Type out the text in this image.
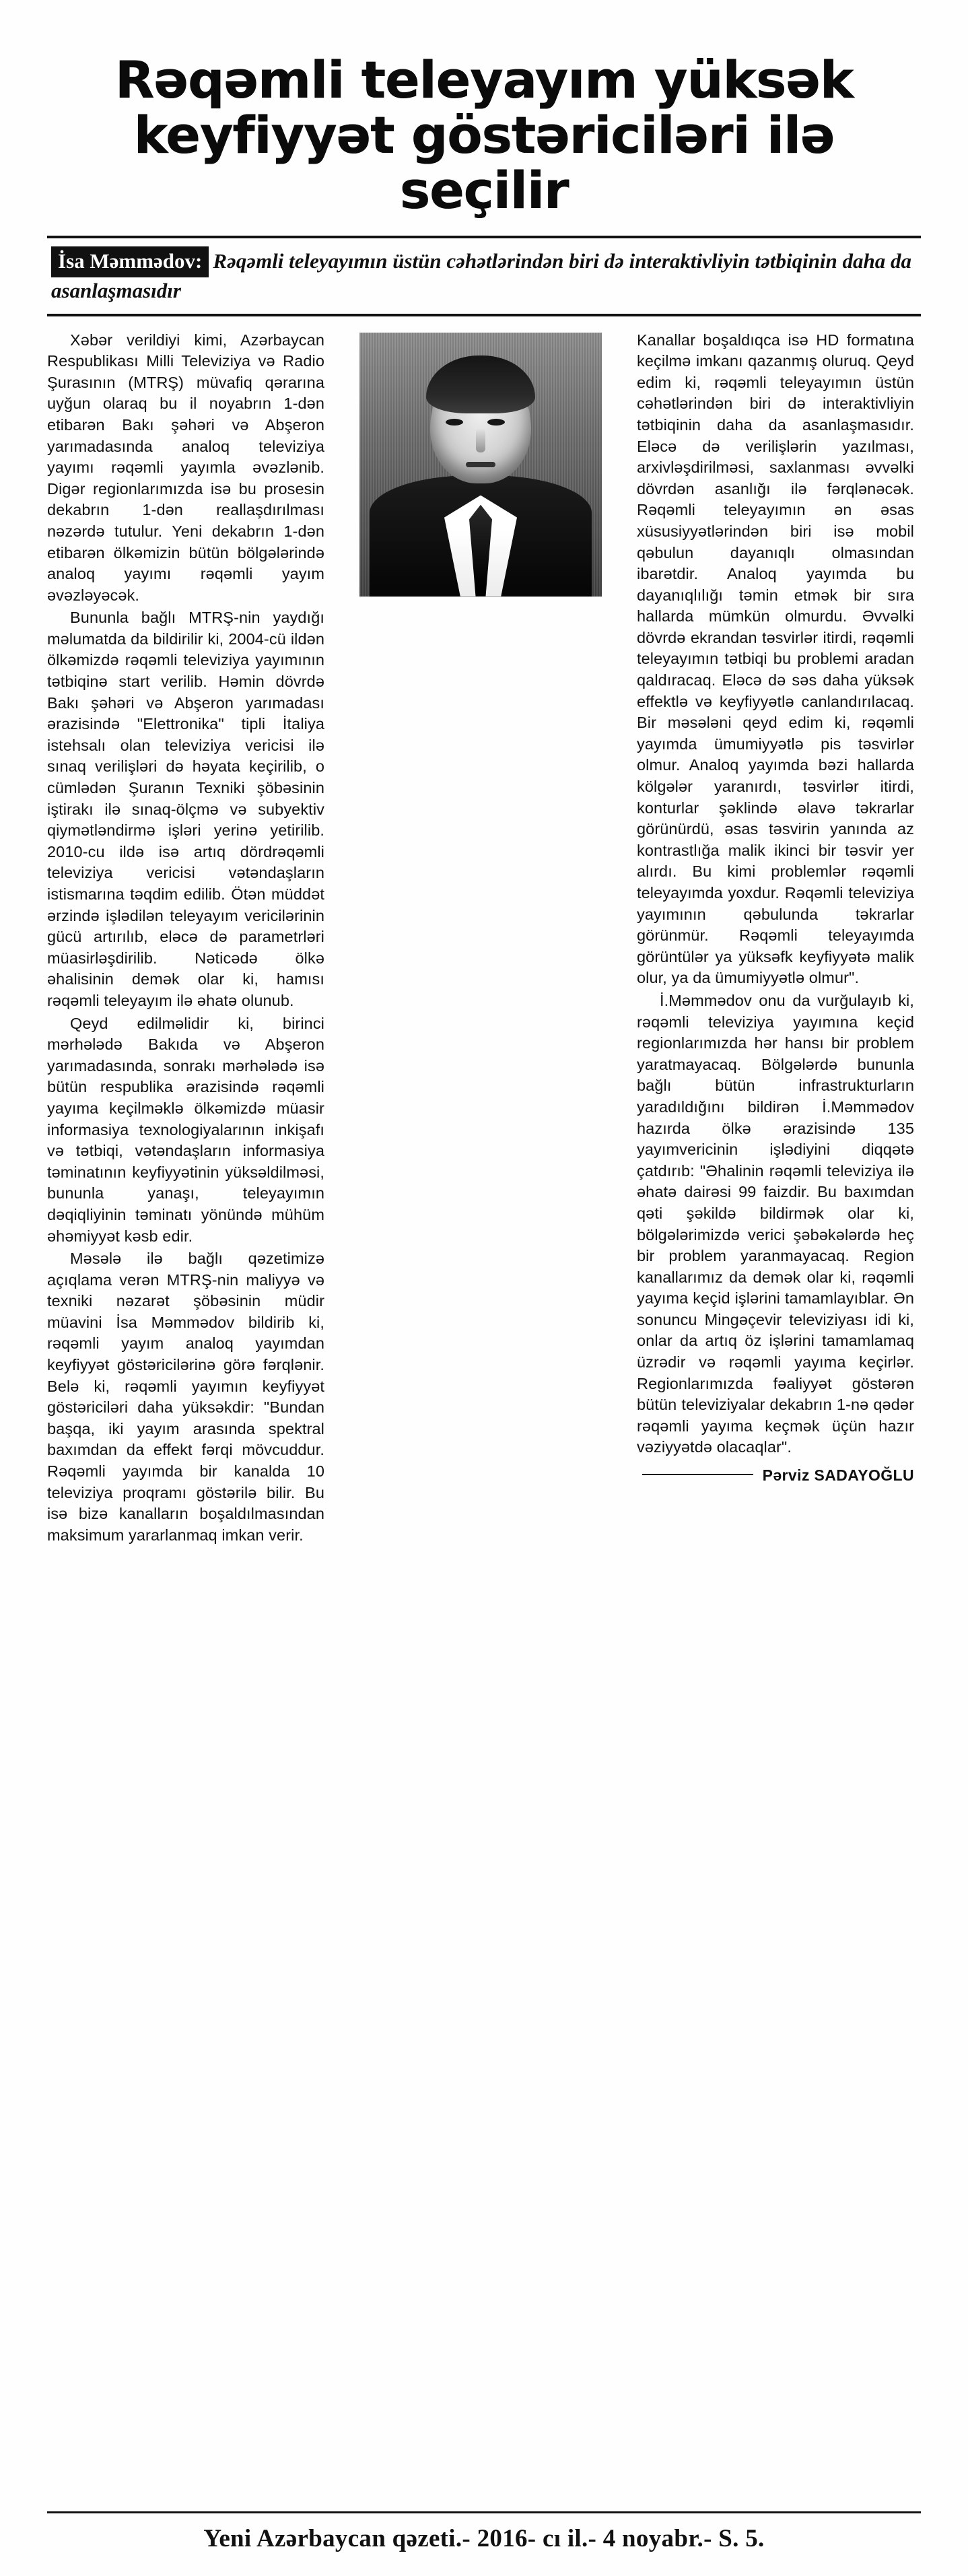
Rəqəmli teleyayım yüksək
keyfiyyət göstəriciləri ilə seçilir
İsa Məmmədov: Rəqəmli teleyayımın üstün cəhətlərindən biri də interaktivliyin tətbiqinin daha da asanlaşmasıdır

Xəbər verildiyi kimi, Azərbaycan Respublikası Milli Televiziya və Radio Şurasının (MTRŞ) müvafiq qərarına uyğun olaraq bu il noyabrın 1-dən etibarən Bakı şəhəri və Abşeron yarımadasında analoq televiziya yayımı rəqəmli yayımla əvəzlənib. Digər regionlarımızda isə bu prosesin dekabrın 1-dən reallaşdırılması nəzərdə tutulur. Yeni dekabrın 1-dən etibarən ölkəmizin bütün bölgələrində analoq yayımı rəqəmli yayım əvəzləyəcək.

Bununla bağlı MTRŞ-nin yaydığı məlumatda da bildirilir ki, 2004-cü ildən ölkəmizdə rəqəmli televiziya yayımının tətbiqinə start verilib. Həmin dövrdə Bakı şəhəri və Abşeron yarımadası ərazisində "Elettronika" tipli İtaliya istehsalı olan televiziya vericisi ilə sınaq verilişləri də həyata keçirilib, o cümlədən Şuranın Texniki şöbəsinin iştirakı ilə sınaq-ölçmə və subyektiv qiymətləndirmə işləri yerinə yetirilib. 2010-cu ildə isə artıq dördrəqəmli televiziya vericisi vətəndaşların istismarına təqdim edilib. Ötən müddət ərzində işlədilən teleyayım vericilərinin gücü artırılıb, eləcə də parametrləri müasirləşdirilib. Nəticədə ölkə əhalisinin demək olar ki, hamısı rəqəmli teleyayım ilə əhatə olunub.

Qeyd edilməlidir ki, birinci mərhələdə Bakıda və Abşeron yarımadasında, sonrakı mərhələdə isə bütün respublika ərazisində rəqəmli yayıma keçilməklə ölkəmizdə müasir informasiya texnologiyalarının inkişafı və tətbiqi, vətəndaşların informasiya təminatının keyfiyyətinin yüksəldilməsi, bununla yanaşı, teleyayımın dəqiqliyinin təminatı yönündə mühüm əhəmiyyət kəsb edir.

Məsələ ilə bağlı qəzetimizə açıqlama verən MTRŞ-nin maliyyə və texniki nəzarət şöbəsinin müdir müavini İsa Məmmədov bildirib ki, rəqəmli yayım analoq yayımdan keyfiyyət göstəricilərinə görə fərqlənir. Belə ki, rəqəmli yayımın keyfiyyət göstəriciləri daha yüksəkdir: "Bundan başqa, iki yayım arasında spektral baxımdan da effekt fərqi mövcuddur. Rəqəmli yayımda bir kanalda 10 televiziya proqramı göstərilə bilir. Bu isə bizə kanalların boşaldılmasından maksimum yararlanmaq imkan verir.

Kanallar boşaldıqca isə HD formatına keçilmə imkanı qazanmış oluruq. Qeyd edim ki, rəqəmli teleyayımın üstün cəhətlərindən biri də interaktivliyin tətbiqinin daha da asanlaşmasıdır. Eləcə də verilişlərin yazılması, arxivləşdirilməsi, saxlanması əvvəlki dövrdən asanlığı ilə fərqlənəcək. Rəqəmli teleyayımın ən əsas xüsusiyyətlərindən biri isə mobil qəbulun dayanıqlı olmasından ibarətdir. Analoq yayımda bu dayanıqlılığı təmin etmək bir sıra hallarda mümkün olmurdu. Əvvəlki dövrdə ekrandan təsvirlər itirdi, rəqəmli teleyayımın tətbiqi bu problemi aradan qaldıracaq. Eləcə də səs daha yüksək effektlə və keyfiyyətlə canlandırılacaq. Bir məsələni qeyd edim ki, rəqəmli yayımda ümumiyyətlə pis təsvirlər olmur. Analoq yayımda bəzi hallarda kölgələr yaranırdı, təsvirlər itirdi, konturlar şəklində əlavə təkrarlar görünürdü, əsas təsvirin yanında az kontrastlığa malik ikinci bir təsvir yer alırdı. Bu kimi problemlər rəqəmli teleyayımda yoxdur. Rəqəmli televiziya yayımının qəbulunda təkrarlar görünmür. Rəqəmli teleyayımda görüntülər ya yüksəfk keyfiyyətə malik olur, ya da ümumiyyətlə olmur".

İ.Məmmədov onu da vurğulayıb ki, rəqəmli televiziya yayımına keçid regionlarımızda hər hansı bir problem yaratmayacaq. Bölgələrdə bununla bağlı bütün infrastrukturların yaradıldığını bildirən İ.Məmmədov hazırda ölkə ərazisində 135 yayımvericinin işlədiyini diqqətə çatdırıb: "Əhalinin rəqəmli televiziya ilə əhatə dairəsi 99 faizdir. Bu baxımdan qəti şəkildə bildirmək olar ki, bölgələrimizdə verici şəbəkələrdə heç bir problem yaranmayacaq. Region kanallarımız da demək olar ki, rəqəmli yayıma keçid işlərini tamamlayıblar. Ən sonuncu Mingəçevir televiziyası idi ki, onlar da artıq öz işlərini tamamlamaq üzrədir və rəqəmli yayıma keçirlər. Regionlarımızda fəaliyyət göstərən bütün televiziyalar dekabrın 1-nə qədər rəqəmli yayıma keçmək üçün hazır vəziyyətdə olacaqlar".

Pərviz SADAYOĞLU
Yeni Azərbaycan qəzeti.- 2016- cı il.- 4 noyabr.- S. 5.
